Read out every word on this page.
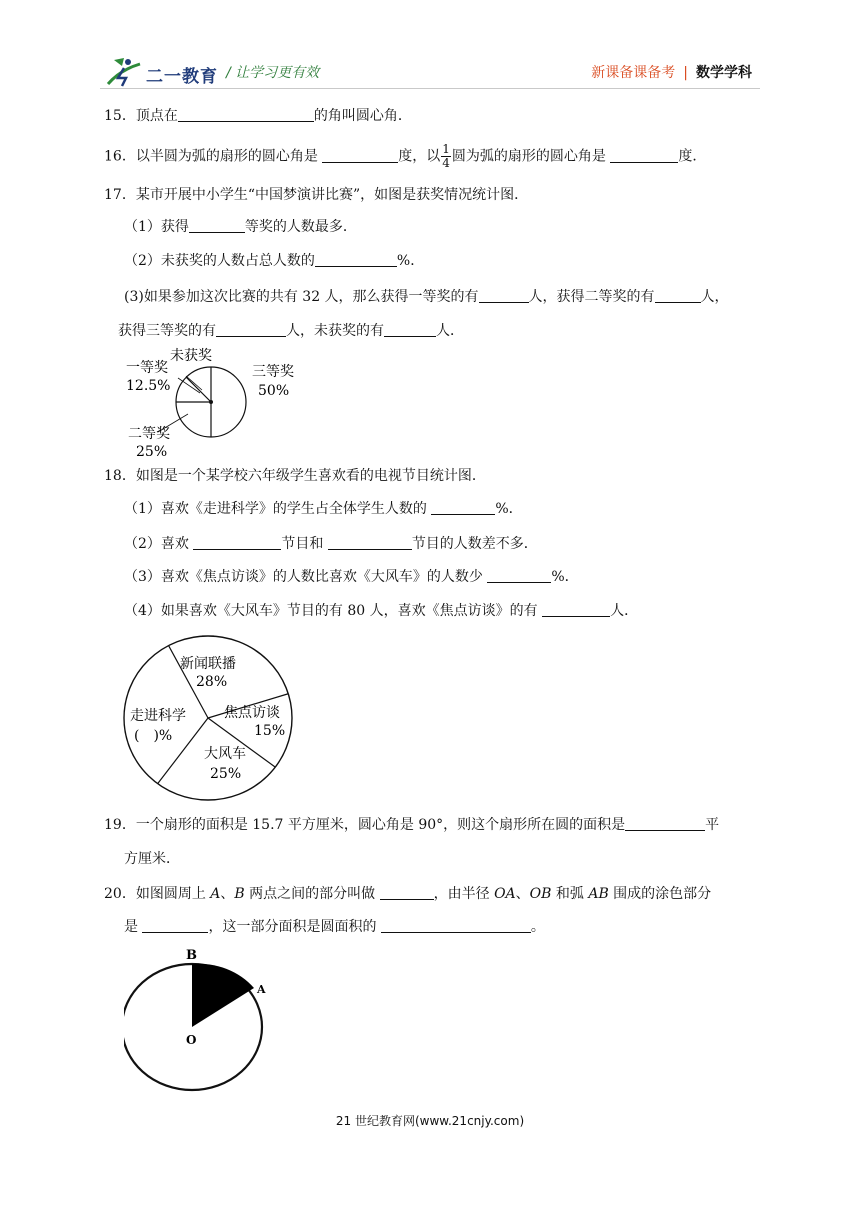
二一教育 / 让学习更有效	新课备课备考 | 数学学科
15．顶点在	的角叫圆心角．
16．以半圆为弧的扇形的圆心角是	度，以 $\frac{1}{4}$ 圆为弧的扇形的圆心角是	度．
17．某市开展中小学生“中国梦演讲比赛”，如图是获奖情况统计图．
（1）获得	等奖的人数最多．
（2）未获奖的人数占总人数的	%．
(3)如果参加这次比赛的共有 32 人，那么获得一等奖的有	人，获得二等奖的有	人，
获得三等奖的有	人，未获奖的有	人．
未获奖
一等奖
12.5%
三等奖
50%
二等奖
25%
18．如图是一个某学校六年级学生喜欢看的电视节目统计图．
（1）喜欢《走进科学》的学生占全体学生人数的	%．
（2）喜欢	节目和	节目的人数差不多．
（3）喜欢《焦点访谈》的人数比喜欢《大风车》的人数少	%．
（4）如果喜欢《大风车》节目的有 80 人，喜欢《焦点访谈》的有	人．
新闻联播
28%
焦点访谈
15%
走进科学
(　)%
大风车
25%
19．一个扇形的面积是 15.7 平方厘米，圆心角是 90°，则这个扇形所在圆的面积是	平
方厘米．
20．如图圆周上 A、B 两点之间的部分叫做	，由半径 OA、OB 和弧 AB 围成的涂色部分
是	，这一部分面积是圆面积的	。
B
A
O
21 世纪教育网(www.21cnjy.com)
